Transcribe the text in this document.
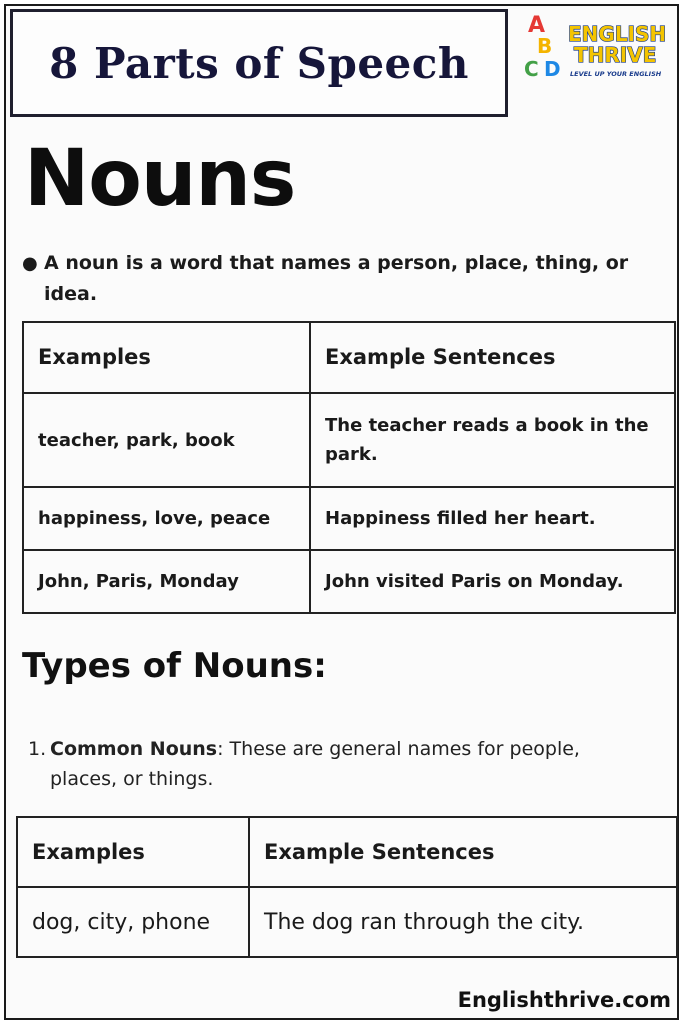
8 Parts of Speech
A
B
C D
ENGLISH
THRIVE
LEVEL UP YOUR ENGLISH
Nouns
● A noun is a word that names a person, place, thing, or idea.
Examples	Example Sentences
teacher, park, book	The teacher reads a book in the park.
happiness, love, peace	Happiness filled her heart.
John, Paris, Monday	John visited Paris on Monday.
Types of Nouns:
1. Common Nouns: These are general names for people, places, or things.
Examples	Example Sentences
dog, city, phone	The dog ran through the city.
Englishthrive.com
